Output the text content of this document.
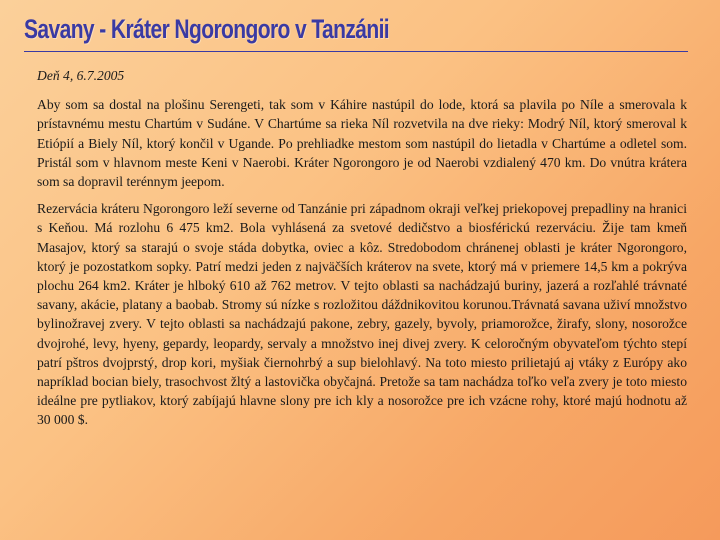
Savany - Kráter Ngorongoro v Tanzánii

Deň 4, 6.7.2005

Aby som sa dostal na plošinu Serengeti, tak som v Káhire nastúpil do lode, ktorá sa plavila po Níle a smerovala k prístavnému mestu Chartúm v Sudáne. V Chartúme sa rieka Níl rozvetvila na dve rieky: Modrý Níl, ktorý smeroval k Etiópií a Biely Níl, ktorý končil v Ugande. Po prehliadke mestom som nastúpil do lietadla v Chartúme a odletel som. Pristál som v hlavnom meste Keni v Naerobi. Kráter Ngorongoro je od Naerobi vzdialený 470 km. Do vnútra krátera som sa dopravil terénnym jeepom.

Rezervácia kráteru Ngorongoro leží severne od Tanzánie pri západnom okraji veľkej priekopovej prepadliny na hranici s Keňou. Má rozlohu 6 475 km2. Bola vyhlásená za svetové dedičstvo a biosférickú rezerváciu. Žije tam kmeň Masajov, ktorý sa starajú o svoje stáda dobytka, oviec a kôz. Stredobodom chránenej oblasti je kráter Ngorongoro, ktorý je pozostatkom sopky. Patrí medzi jeden z najväčších kráterov na svete, ktorý má v priemere 14,5 km a pokrýva plochu 264 km2. Kráter je hlboký 610 až 762 metrov. V tejto oblasti sa nachádzajú buriny, jazerá a rozľahlé trávnaté savany, akácie, platany a baobab. Stromy sú nízke s rozložitou dáždnikovitou korunou.Trávnatá savana uživí množstvo bylinožravej zvery. V tejto oblasti sa nachádzajú pakone, zebry, gazely, byvoly, priamorožce, žirafy, slony, nosorožce dvojrohé, levy, hyeny, gepardy, leopardy, servaly a množstvo inej divej zvery. K celoročným obyvateľom týchto stepí patrí pštros dvojprstý, drop kori, myšiak čiernohrbý a sup bielohlavý. Na toto miesto prilietajú aj vtáky z Európy ako napríklad bocian biely, trasochvost žltý a lastovička obyčajná. Pretože sa tam nachádza toľko veľa zvery je toto miesto ideálne pre pytliakov, ktorý zabíjajú hlavne slony pre ich kly a nosorožce pre ich vzácne rohy, ktoré majú hodnotu až 30 000 $.
